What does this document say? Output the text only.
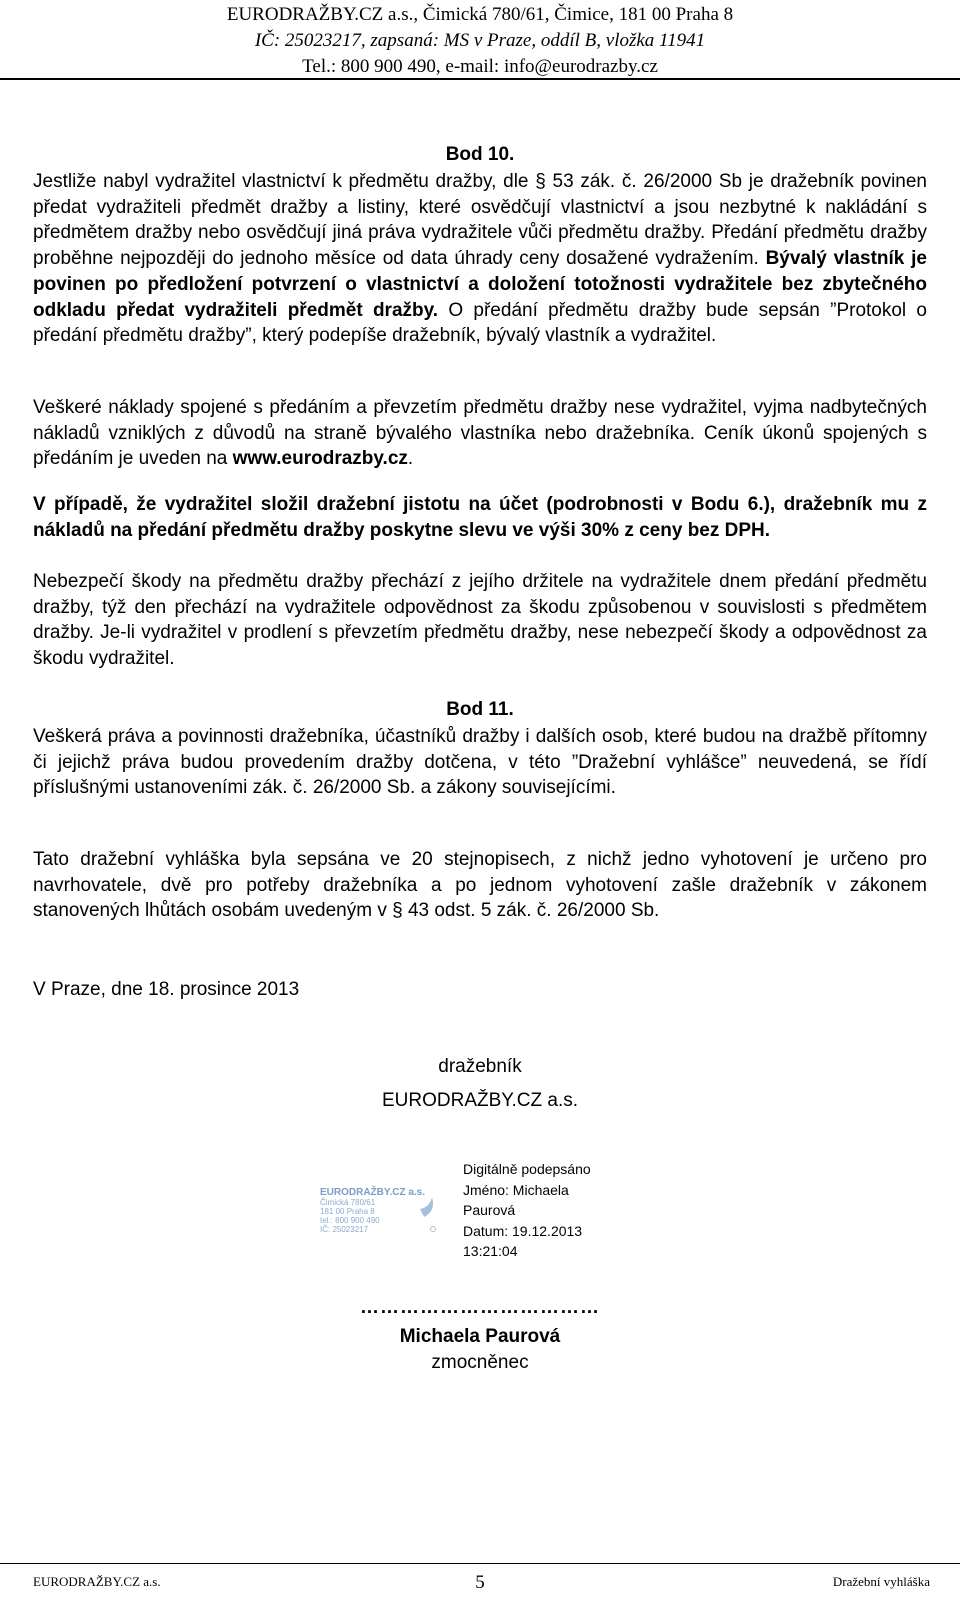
EURODRAŽBY.CZ a.s., Čimická 780/61, Čimice, 181 00 Praha 8
IČ: 25023217, zapsaná: MS v Praze, oddíl B, vložka 11941
Tel.: 800 900 490, e-mail: info@eurodrazby.cz
Bod 10.
Jestliže nabyl vydražitel vlastnictví k předmětu dražby, dle § 53 zák. č. 26/2000 Sb je dražebník povinen předat vydražiteli předmět dražby a listiny, které osvědčují vlastnictví a jsou nezbytné k nakládání s předmětem dražby nebo osvědčují jiná práva vydražitele vůči předmětu dražby. Předání předmětu dražby proběhne nejpozději do jednoho měsíce od data úhrady ceny dosažené vydražením. Bývalý vlastník je povinen po předložení potvrzení o vlastnictví a doložení totožnosti vydražitele bez zbytečného odkladu předat vydražiteli předmět dražby. O předání předmětu dražby bude sepsán ”Protokol o předání předmětu dražby”, který podepíše dražebník, bývalý vlastník a vydražitel.
Veškeré náklady spojené s předáním a převzetím předmětu dražby nese vydražitel, vyjma nadbytečných nákladů vzniklých z důvodů na straně bývalého vlastníka nebo dražebníka. Ceník úkonů spojených s předáním je uveden na www.eurodrazby.cz.
V případě, že vydražitel složil dražební jistotu na účet (podrobnosti v Bodu 6.), dražebník mu z nákladů na předání předmětu dražby poskytne slevu ve výši 30% z ceny bez DPH.
Nebezpečí škody na předmětu dražby přechází z jejího držitele na vydražitele dnem předání předmětu dražby, týž den přechází na vydražitele odpovědnost za škodu způsobenou v souvislosti s předmětem dražby. Je-li vydražitel v prodlení s převzetím předmětu dražby, nese nebezpečí škody a odpovědnost za škodu vydražitel.
Bod 11.
Veškerá práva a povinnosti dražebníka, účastníků dražby i dalších osob, které budou na dražbě přítomny či jejichž práva budou provedením dražby dotčena, v této ”Dražební vyhlášce” neuvedená, se řídí příslušnými ustanoveními zák. č. 26/2000 Sb. a zákony souvisejícími.
Tato dražební vyhláška byla sepsána ve 20 stejnopisech, z nichž jedno vyhotovení je určeno pro navrhovatele, dvě pro potřeby dražebníka a po jednom vyhotovení zašle dražebník v zákonem stanovených lhůtách osobám uvedeným v § 43 odst. 5 zák. č. 26/2000 Sb.
V Praze, dne 18. prosince 2013
dražebník
EURODRAŽBY.CZ a.s.
EURODRAŽBY.CZ a.s.
Čimická 780/61
181 00 Praha 8
tel.: 800 900 490
IČ: 25023217
Digitálně podepsáno
Jméno: Michaela
Paurová
Datum: 19.12.2013
13:21:04
………………………………
Michaela Paurová
zmocněnec
EURODRAŽBY.CZ a.s.	5	Dražební vyhláška
